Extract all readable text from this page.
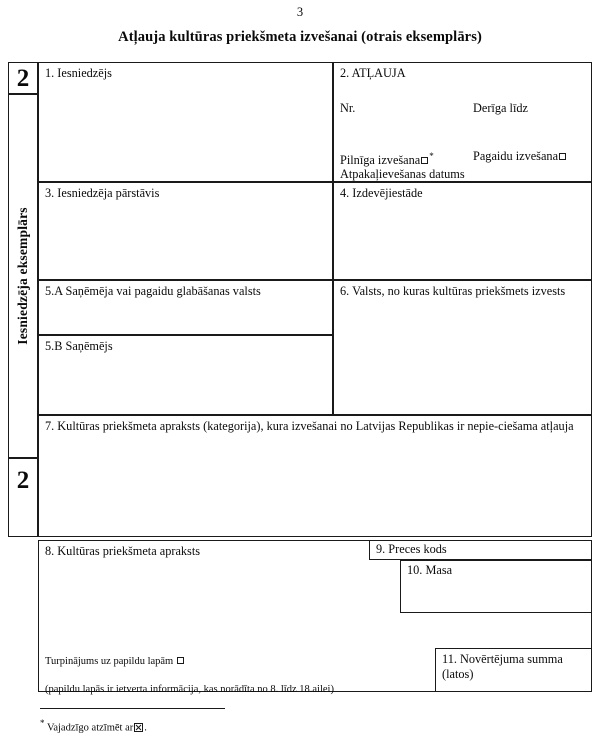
3
Atļauja kultūras priekšmeta izvešanai (otrais eksemplārs)
2
Iesniedzēja eksemplārs
2
1. Iesniedzējs	2. ATĻAUJA
Nr.	Derīga līdz

Pilnīga izvešana *	Pagaidu izvešana

Atpakaļievešanas datums
3. Iesniedzēja pārstāvis	4. Izdevējiestāde
5.A Saņēmēja vai pagaidu glabāšanas valsts
5.B Saņēmējs
6. Valsts, no kuras kultūras priekšmets izvests
7. Kultūras priekšmeta apraksts (kategorija), kura izvešanai no Latvijas Republikas ir nepie-ciešama atļauja
8. Kultūras priekšmeta apraksts

Turpinājums uz papildu lapām

(papildu lapās ir ietverta informācija, kas norādīta no 8. līdz 18.ailei)

9. Preces kods
10. Masa
11. Novērtējuma summa (latos)
* Vajadzīgo atzīmēt ar .
